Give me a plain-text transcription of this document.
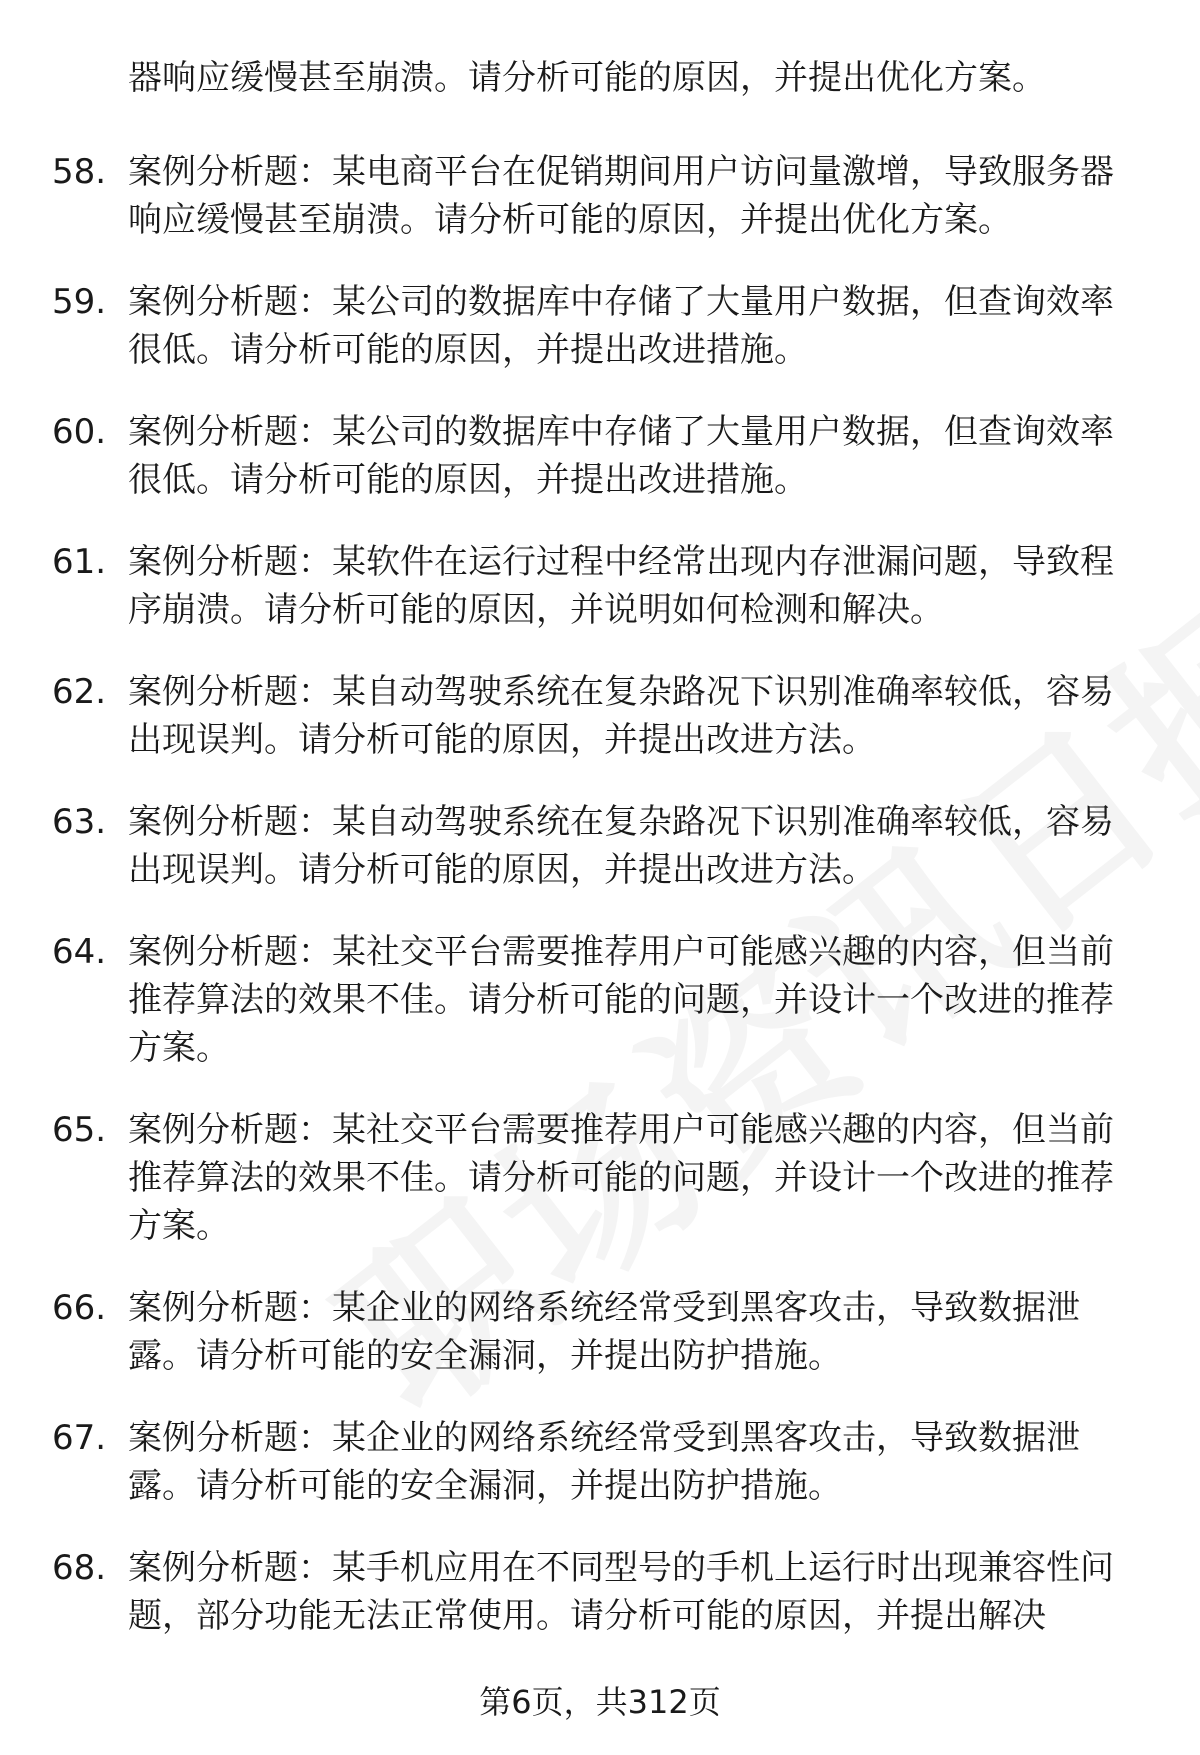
器响应缓慢甚至崩溃。请分析可能的原因，并提出优化方案。
58. 案例分析题：某电商平台在促销期间用户访问量激增，导致服务器响应缓慢甚至崩溃。请分析可能的原因，并提出优化方案。
59. 案例分析题：某公司的数据库中存储了大量用户数据，但查询效率很低。请分析可能的原因，并提出改进措施。
60. 案例分析题：某公司的数据库中存储了大量用户数据，但查询效率很低。请分析可能的原因，并提出改进措施。
61. 案例分析题：某软件在运行过程中经常出现内存泄漏问题，导致程序崩溃。请分析可能的原因，并说明如何检测和解决。
62. 案例分析题：某自动驾驶系统在复杂路况下识别准确率较低，容易出现误判。请分析可能的原因，并提出改进方法。
63. 案例分析题：某自动驾驶系统在复杂路况下识别准确率较低，容易出现误判。请分析可能的原因，并提出改进方法。
64. 案例分析题：某社交平台需要推荐用户可能感兴趣的内容，但当前推荐算法的效果不佳。请分析可能的问题，并设计一个改进的推荐方案。
65. 案例分析题：某社交平台需要推荐用户可能感兴趣的内容，但当前推荐算法的效果不佳。请分析可能的问题，并设计一个改进的推荐方案。
66. 案例分析题：某企业的网络系统经常受到黑客攻击，导致数据泄露。请分析可能的安全漏洞，并提出防护措施。
67. 案例分析题：某企业的网络系统经常受到黑客攻击，导致数据泄露。请分析可能的安全漏洞，并提出防护措施。
68. 案例分析题：某手机应用在不同型号的手机上运行时出现兼容性问题，部分功能无法正常使用。请分析可能的原因，并提出解决
第6页，共312页
